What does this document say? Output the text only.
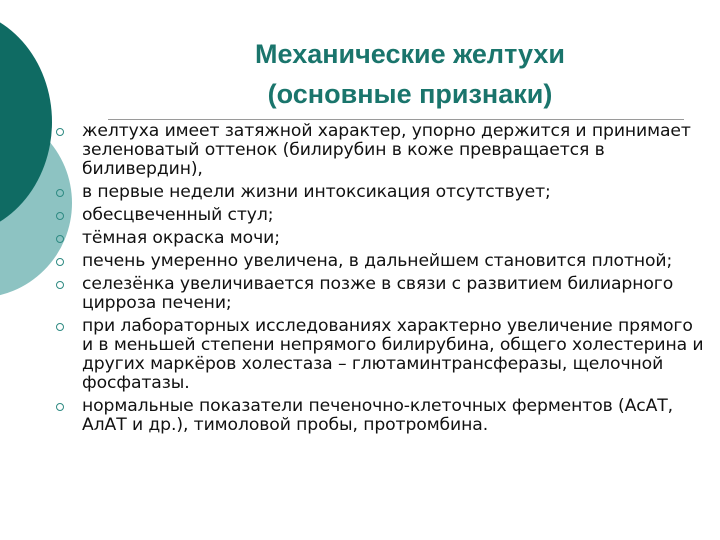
Механические желтухи
(основные признаки)
желтуха имеет затяжной характер, упорно держится и принимает зеленоватый оттенок (билирубин в коже превращается в биливердин),
в первые недели жизни интоксикация отсутствует;
обесцвеченный стул;
тёмная окраска мочи;
печень умеренно увеличена, в дальнейшем становится плотной;
селезёнка увеличивается позже в связи с развитием билиарного цирроза печени;
при лабораторных исследованиях характерно увеличение прямого и в меньшей степени непрямого билирубина, общего холестерина и других маркёров холестаза – глютаминтрансферазы, щелочной фосфатазы.
нормальные показатели печеночно-клеточных ферментов (АсАТ, АлАТ и др.), тимоловой пробы, протромбина.
